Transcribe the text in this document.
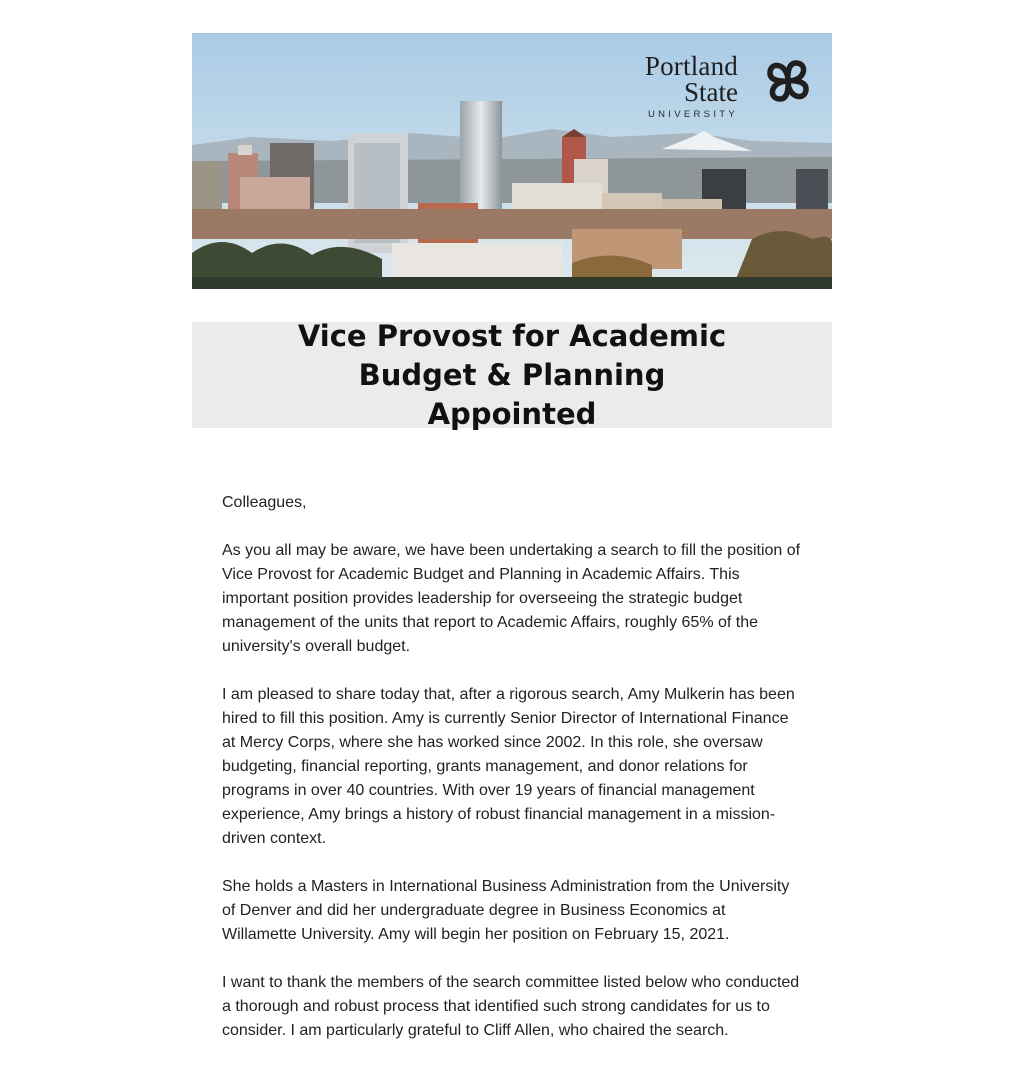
Portland
State
UNIVERSITY
Vice Provost for Academic
Budget & Planning Appointed

Colleagues,

As you all may be aware, we have been undertaking a search to fill the position of Vice Provost for Academic Budget and Planning in Academic Affairs. This important position provides leadership for overseeing the strategic budget management of the units that report to Academic Affairs, roughly 65% of the university's overall budget.

I am pleased to share today that, after a rigorous search, Amy Mulkerin has been hired to fill this position. Amy is currently Senior Director of International Finance at Mercy Corps, where she has worked since 2002. In this role, she oversaw budgeting, financial reporting, grants management, and donor relations for programs in over 40 countries. With over 19 years of financial management experience, Amy brings a history of robust financial management in a mission-driven context.

She holds a Masters in International Business Administration from the University of Denver and did her undergraduate degree in Business Economics at Willamette University. Amy will begin her position on February 15, 2021.

I want to thank the members of the search committee listed below who conducted a thorough and robust process that identified such strong candidates for us to consider. I am particularly grateful to Cliff Allen, who chaired the search.
